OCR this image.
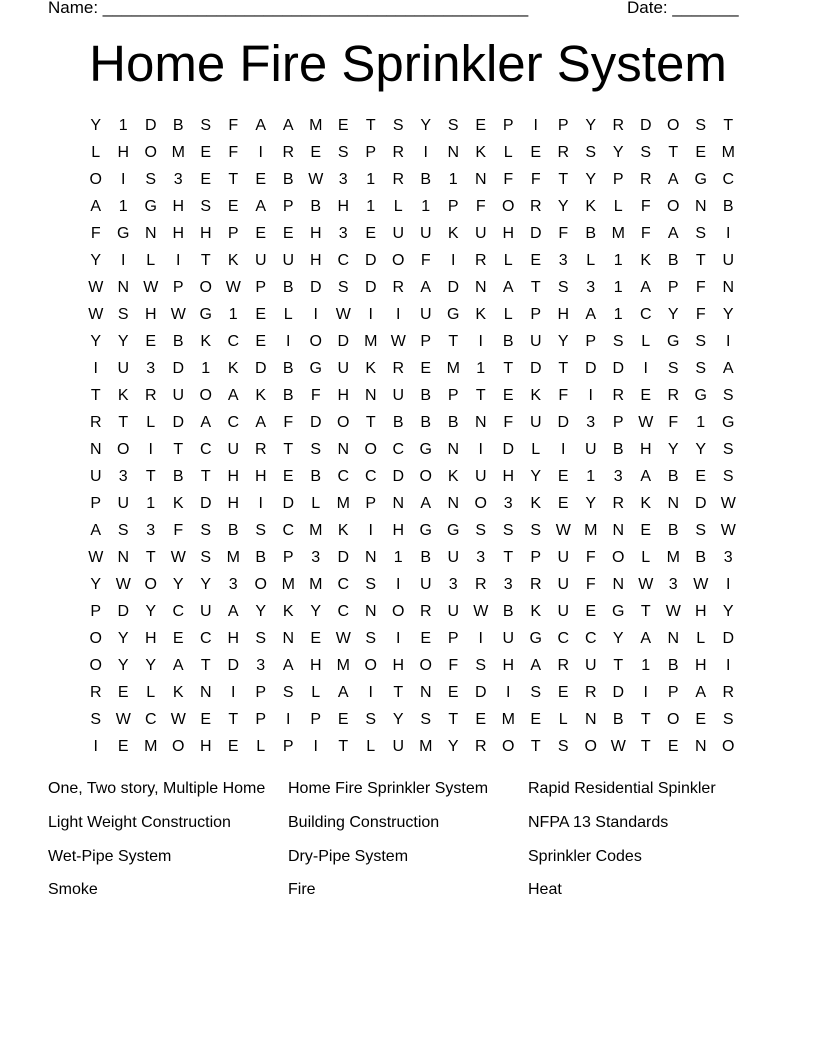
Name: _____________________________________________	Date: _______
Home Fire Sprinkler System
Y	1	D	B	S	F	A	A M E	T	S	Y	S	E	P	I	P	Y	R D O S	T
L	H O M E	F	I	R	E	S	P	R	I	N	K	L	E	R	S	Y	S	T	E M
O	I	S	3	E	T	E	B W 3	1	R	B	1	N	F	F	T	Y	P	R	A G C
A	1	G H	S	E	A	P	B	H	1	L	1	P	F	O R	Y	K	L	F	O N	B
F	G N H H	P	E	E	H	3	E	U U	K	U H D	F	B M F	A	S	I
Y	I	L	I	T	K	U U H C D O	F	I	R	L	E	3	L	1	K	B	T	U
W N W P O W P	B	D	S	D R	A	D N	A	T	S	3	1	A	P	F	N
W S	H W G	1	E	L	I	W	I	I	U G K	L	P	H	A	1	C	Y	F	Y
Y	Y	E	B	K	C	E	I	O D M W P	T	I	B	U	Y	P	S	L	G S	I
I	U	3	D	1	K	D	B G U	K	R	E M	1	T	D	T	D D	I	S	S	A
T	K	R U O A	K	B	F	H N U	B	P	T	E	K	F	I	R	E	R G S
R	T	L	D	A	C	A	F	D O	T	B	B	B	N	F	U D	3	P W F	1	G
N O	I	T	C U R	T	S	N O C G N	I	D	L	I	U	B	H	Y	Y	S
U	3	T	B	T	H H	E	B	C C D O K	U H	Y	E	1	3	A	B	E	S
P	U	1	K	D H	I	D	L	M P	N	A	N O	3	K	E	Y	R	K	N D W
A	S	3	F	S	B	S	C M K	I	H G G S	S	S W M N	E	B	S W
W N	T W S M B	P	3	D N	1	B	U	3	T	P	U	F	O	L	M B	3
Y W O Y	Y	3	O M M C	S	I	U	3	R	3	R U	F	N W 3 W	I
P	D	Y	C U	A	Y	K	Y	C N O R U W B	K	U	E G	T W H	Y
O Y	H	E	C H	S	N	E W S	I	E	P	I	U G C C	Y	A	N	L	D
O Y	Y	A	T	D	3	A	H M O H O	F	S	H	A	R U	T	1	B	H	I
R	E	L	K	N	I	P	S	L	A	I	T	N	E	D	I	S	E	R D	I	P	A	R
S W C W E	T	P	I	P	E	S	Y	S	T	E M E	L	N	B	T	O E	S
I	E M O H	E	L	P	I	T	L	U M Y	R O	T	S O W T	E	N O
One, Two story, Multiple Home	Home Fire Sprinkler System	Rapid Residential Spinkler
Light Weight Construction	Building Construction	NFPA 13 Standards
Wet-Pipe System	Dry-Pipe System	Sprinkler Codes
Smoke	Fire	Heat
